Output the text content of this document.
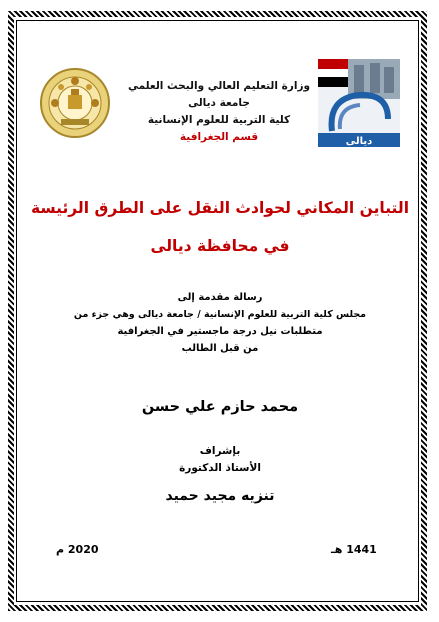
ديالى
وزارة التعليم العالي والبحث العلمي
جامعة ديالى
كلية التربية للعلوم الإنسانية
قسم الجغرافية
التباين المكاني لحوادث النقل على الطرق الرئيسة
في محافظة ديالى
رسالة مقدمة إلى
مجلس كلية التربية للعلوم الإنسانية / جامعة ديالى وهي جزء من
متطلبات نيل درجة ماجستير في الجغرافية
من قبل الطالب
محمد حازم علي حسن
بإشراف
الأستاذ الدكتورة
تنزيه مجيد حميد
2020 م	1441 هـ
